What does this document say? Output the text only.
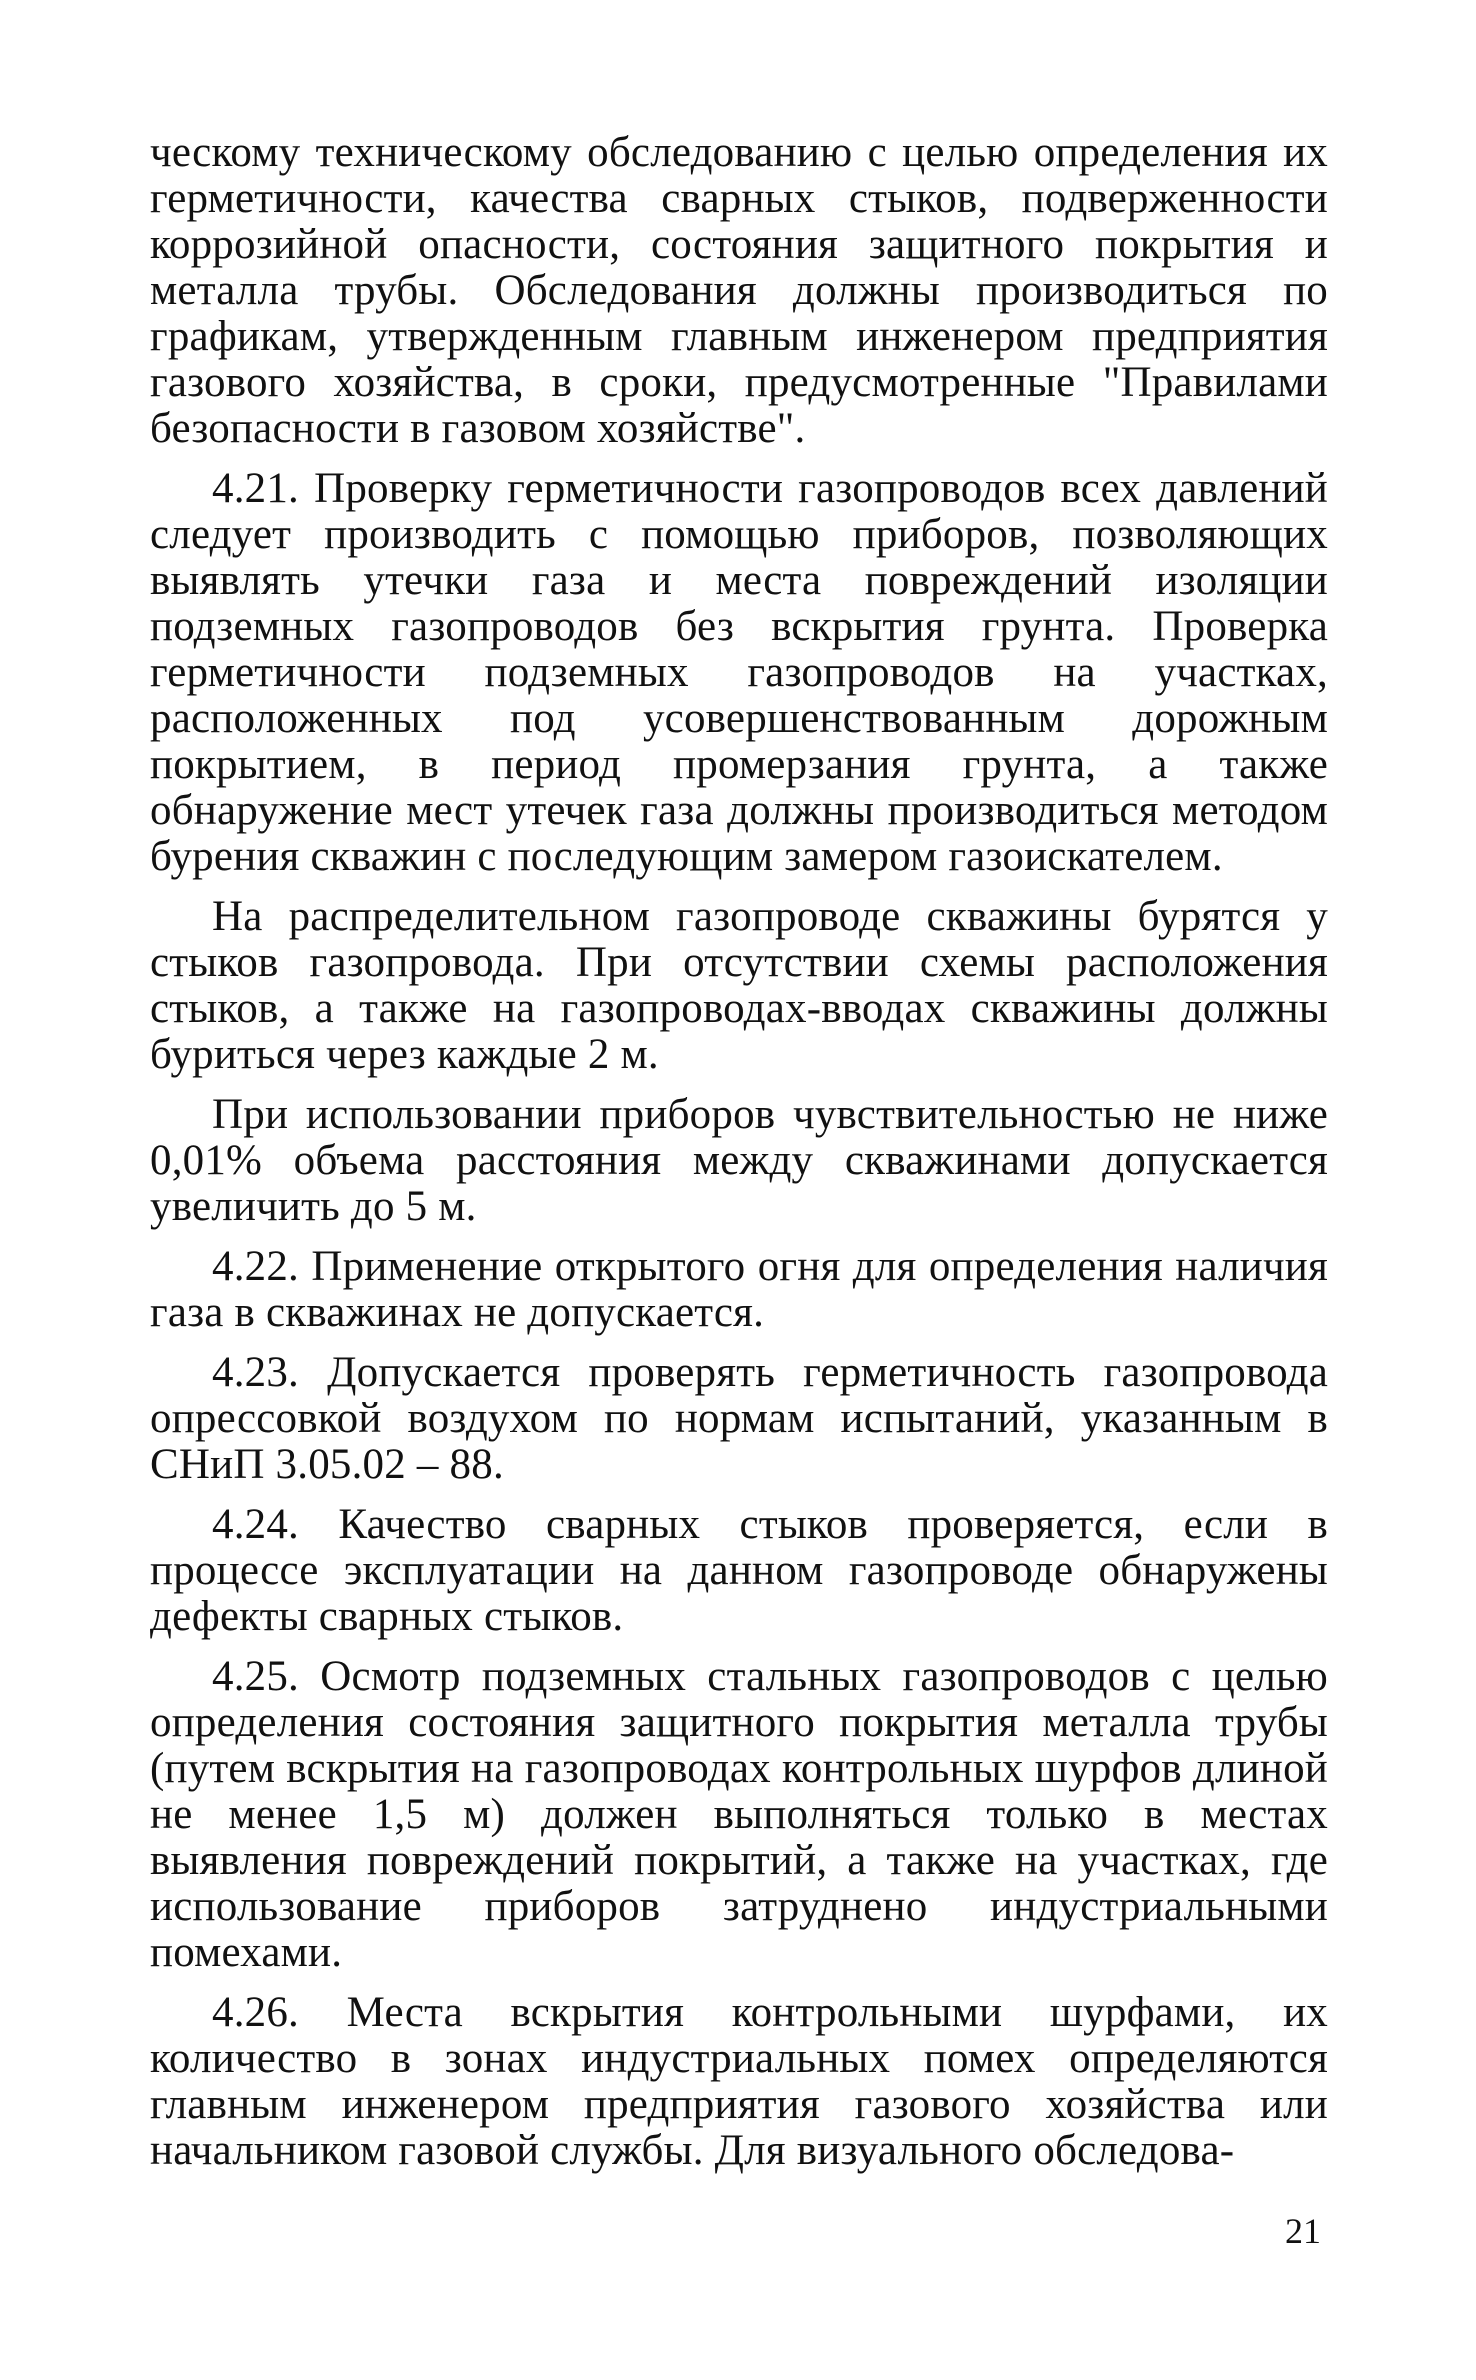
ческому техническому обследованию с целью определения их герметичности, качества сварных стыков, подверженности коррозийной опасности, состояния защитного покрытия и металла трубы. Обследования должны производиться по графикам, утвержденным главным инженером предприятия газового хозяйства, в сроки, предусмотренные "Правилами безопасности в газовом хозяйстве".

4.21. Проверку герметичности газопроводов всех давлений следует производить с помощью приборов, позволяющих выявлять утечки газа и места повреждений изоляции подземных газопроводов без вскрытия грунта. Проверка герметичности подземных газопроводов на участках, расположенных под усовершенствованным дорожным покрытием, в период промерзания грунта, а также обнаружение мест утечек газа должны производиться методом бурения скважин с последующим замером газоискателем.

На распределительном газопроводе скважины бурятся у стыков газопровода. При отсутствии схемы расположения стыков, а также на газопроводах-вводах скважины должны буриться через каждые 2 м.

При использовании приборов чувствительностью не ниже 0,01% объема расстояния между скважинами допускается увеличить до 5 м.

4.22. Применение открытого огня для определения наличия газа в скважинах не допускается.

4.23. Допускается проверять герметичность газопровода опрессовкой воздухом по нормам испытаний, указанным в СНиП 3.05.02 – 88.

4.24. Качество сварных стыков проверяется, если в процессе эксплуатации на данном газопроводе обнаружены дефекты сварных стыков.

4.25. Осмотр подземных стальных газопроводов с целью определения состояния защитного покрытия металла трубы (путем вскрытия на газопроводах контрольных шурфов длиной не менее 1,5 м) должен выполняться только в местах выявления повреждений покрытий, а также на участках, где использование приборов затруднено индустриальными помехами.

4.26. Места вскрытия контрольными шурфами, их количество в зонах индустриальных помех определяются главным инженером предприятия газового хозяйства или начальником газовой службы. Для визуального обследова-

21
